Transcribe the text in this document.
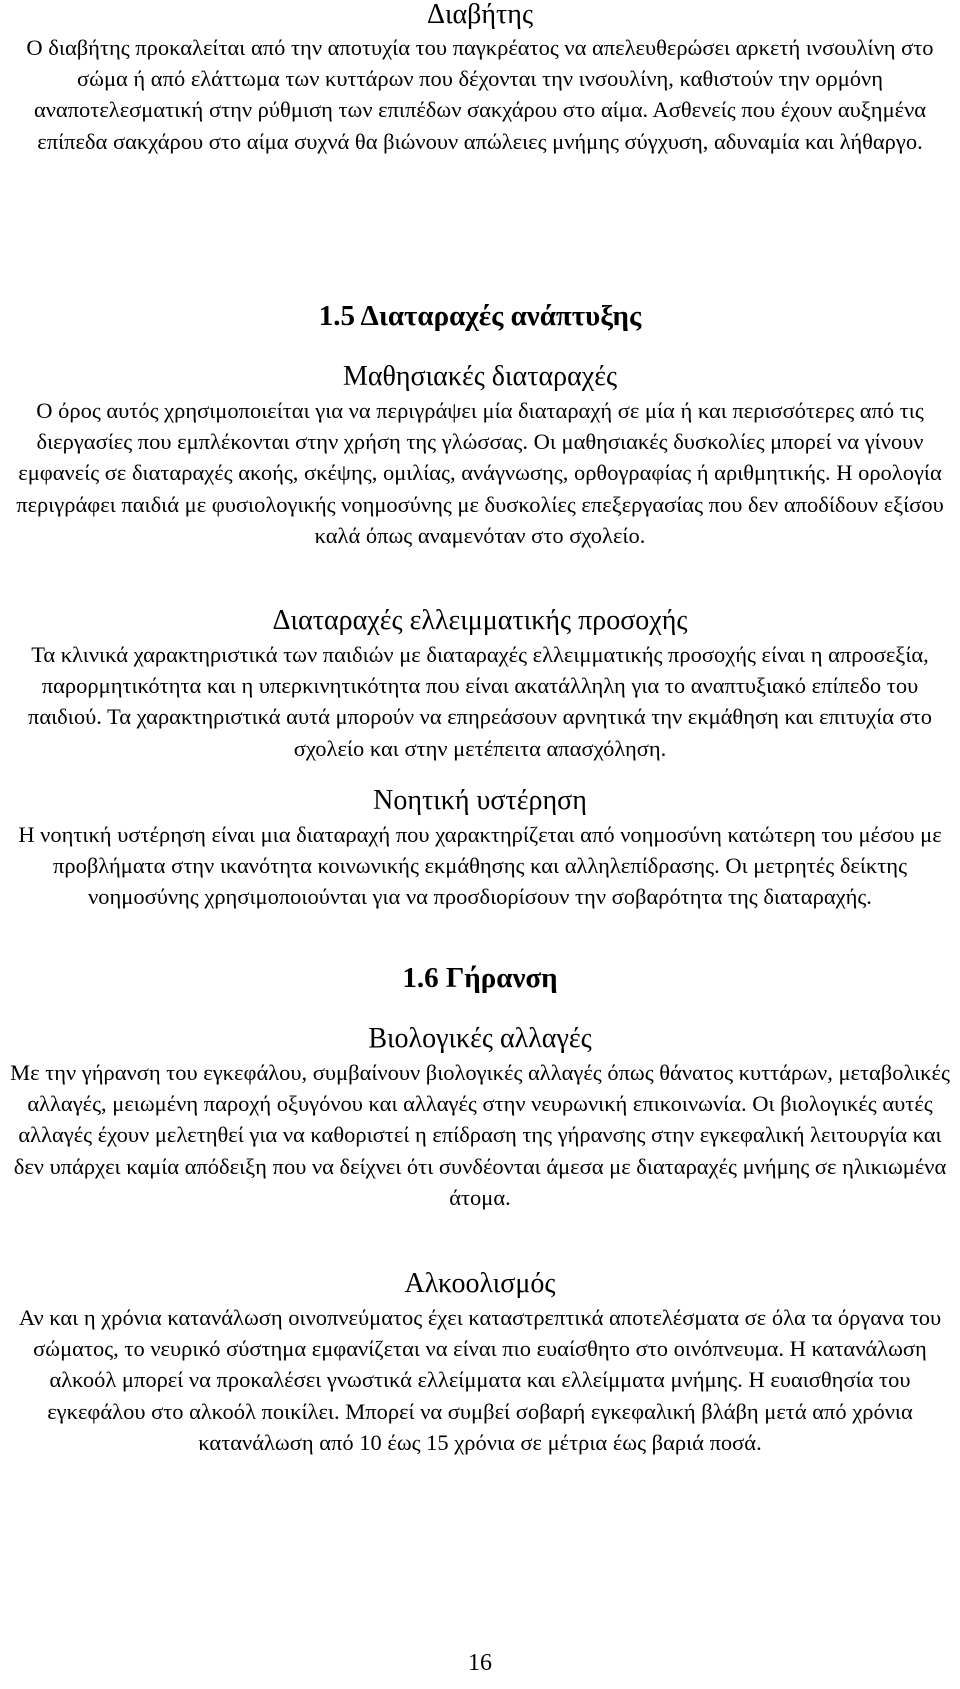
Διαβήτης

Ο διαβήτης προκαλείται από την αποτυχία του παγκρέατος να απελευθερώσει αρκετή ινσουλίνη στο σώμα ή από ελάττωμα των κυττάρων που δέχονται την ινσουλίνη, καθιστούν την ορμόνη αναποτελεσματική στην ρύθμιση των επιπέδων σακχάρου στο αίμα. Ασθενείς που έχουν αυξημένα επίπεδα σακχάρου στο αίμα συχνά θα βιώνουν απώλειες μνήμης σύγχυση, αδυναμία και λήθαργο.

1.5 Διαταραχές ανάπτυξης
Μαθησιακές διαταραχές

Ο όρος αυτός χρησιμοποιείται για να περιγράψει μία διαταραχή σε μία ή και περισσότερες από τις διεργασίες που εμπλέκονται στην χρήση της γλώσσας. Οι μαθησιακές δυσκολίες μπορεί να γίνουν εμφανείς σε διαταραχές ακοής, σκέψης, ομιλίας, ανάγνωσης, ορθογραφίας ή αριθμητικής. Η ορολογία περιγράφει παιδιά με φυσιολογικής νοημοσύνης με δυσκολίες επεξεργασίας που δεν αποδίδουν εξίσου καλά όπως αναμενόταν στο σχολείο.

Διαταραχές ελλειμματικής προσοχής

Τα κλινικά χαρακτηριστικά των παιδιών με διαταραχές ελλειμματικής προσοχής είναι η απροσεξία, παρορμητικότητα και η υπερκινητικότητα που είναι ακατάλληλη για το αναπτυξιακό επίπεδο του παιδιού. Τα χαρακτηριστικά αυτά μπορούν να επηρεάσουν αρνητικά την εκμάθηση και επιτυχία στο σχολείο και στην μετέπειτα απασχόληση.

Νοητική υστέρηση

Η νοητική υστέρηση είναι μια διαταραχή που χαρακτηρίζεται από νοημοσύνη κατώτερη του μέσου με προβλήματα στην ικανότητα κοινωνικής εκμάθησης και αλληλεπίδρασης. Οι μετρητές δείκτης νοημοσύνης χρησιμοποιούνται για να προσδιορίσουν την σοβαρότητα της διαταραχής.

1.6 Γήρανση
Βιολογικές αλλαγές

Με την γήρανση του εγκεφάλου, συμβαίνουν βιολογικές αλλαγές όπως θάνατος κυττάρων, μεταβολικές αλλαγές, μειωμένη παροχή οξυγόνου και αλλαγές στην νευρωνική επικοινωνία. Οι βιολογικές αυτές αλλαγές έχουν μελετηθεί για να καθοριστεί η επίδραση της γήρανσης στην εγκεφαλική λειτουργία και δεν υπάρχει καμία απόδειξη που να δείχνει ότι συνδέονται άμεσα με διαταραχές μνήμης σε ηλικιωμένα άτομα.

Αλκοολισμός

Αν και η χρόνια κατανάλωση οινοπνεύματος έχει καταστρεπτικά αποτελέσματα σε όλα τα όργανα του σώματος, το νευρικό σύστημα εμφανίζεται να είναι πιο ευαίσθητο στο οινόπνευμα. Η κατανάλωση αλκοόλ μπορεί να προκαλέσει γνωστικά ελλείμματα και ελλείμματα μνήμης. Η ευαισθησία του εγκεφάλου στο αλκοόλ ποικίλει. Μπορεί να συμβεί σοβαρή εγκεφαλική βλάβη μετά από χρόνια κατανάλωση από 10 έως 15 χρόνια σε μέτρια έως βαριά ποσά.

16
